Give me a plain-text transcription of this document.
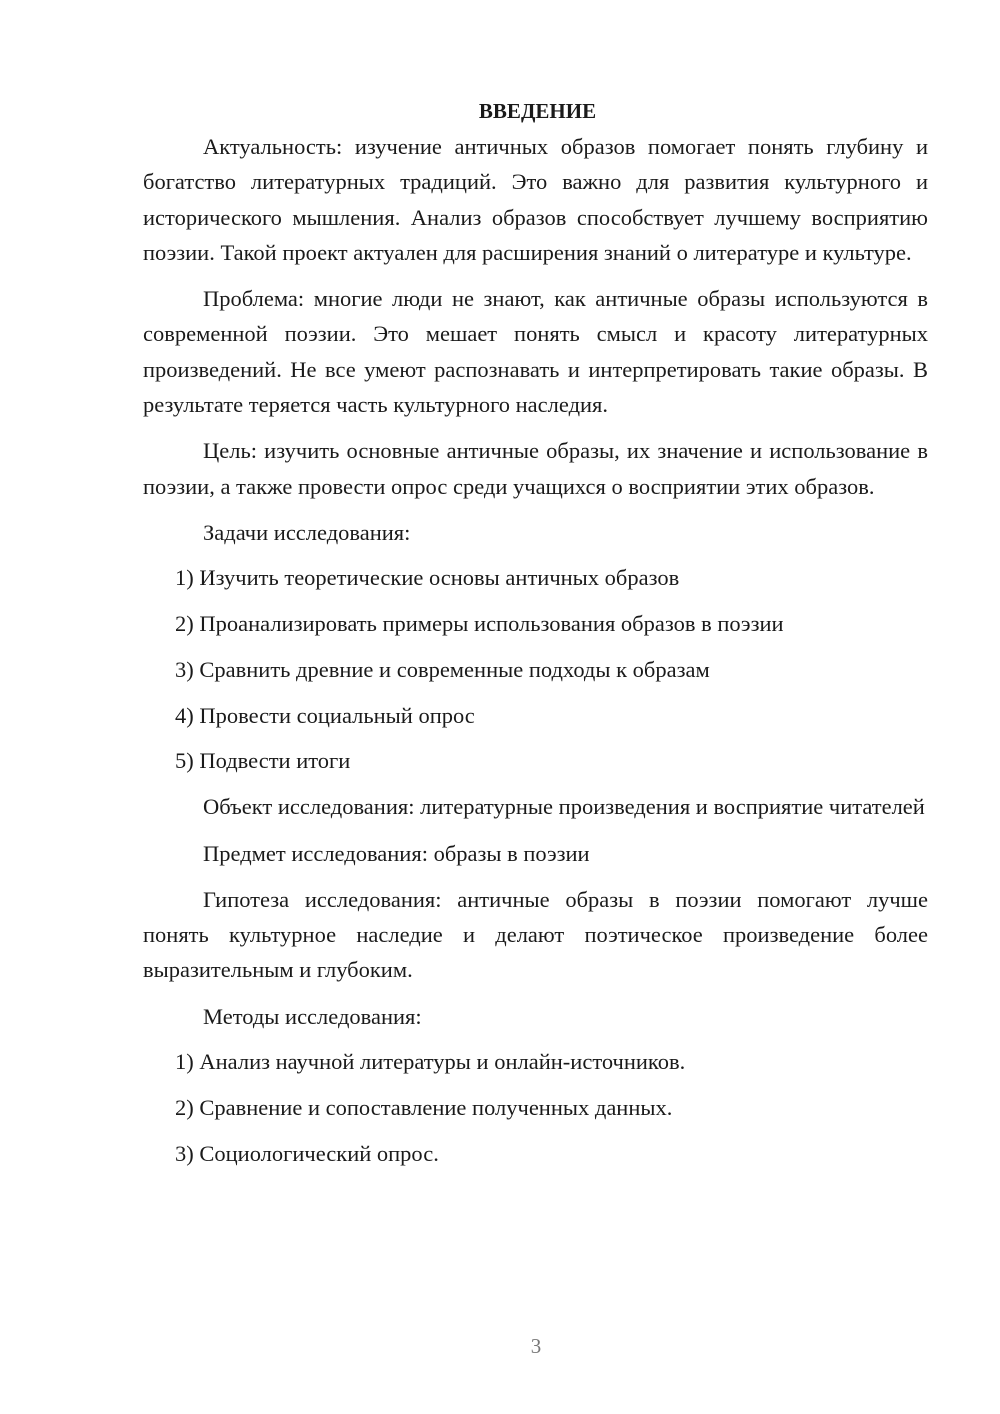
ВВЕДЕНИЕ

Актуальность: изучение античных образов помогает понять глубину и богатство литературных традиций. Это важно для развития культурного и исторического мышления. Анализ образов способствует лучшему восприятию поэзии. Такой проект актуален для расширения знаний о литературе и культуре.

Проблема: многие люди не знают, как античные образы используются в современной поэзии. Это мешает понять смысл и красоту литературных произведений. Не все умеют распознавать и интерпретировать такие образы. В результате теряется часть культурного наследия.

Цель: изучить основные античные образы, их значение и использование в поэзии, а также провести опрос среди учащихся о восприятии этих образов.

Задачи исследования:

1) Изучить теоретические основы античных образов

2) Проанализировать примеры использования образов в поэзии

3) Сравнить древние и современные подходы к образам

4) Провести социальный опрос

5) Подвести итоги

Объект исследования: литературные произведения и восприятие читателей

Предмет исследования: образы в поэзии

Гипотеза исследования: античные образы в поэзии помогают лучше понять культурное наследие и делают поэтическое произведение более выразительным и глубоким.

Методы исследования:

1) Анализ научной литературы и онлайн-источников.

2) Сравнение и сопоставление полученных данных.

3) Социологический опрос.

3
